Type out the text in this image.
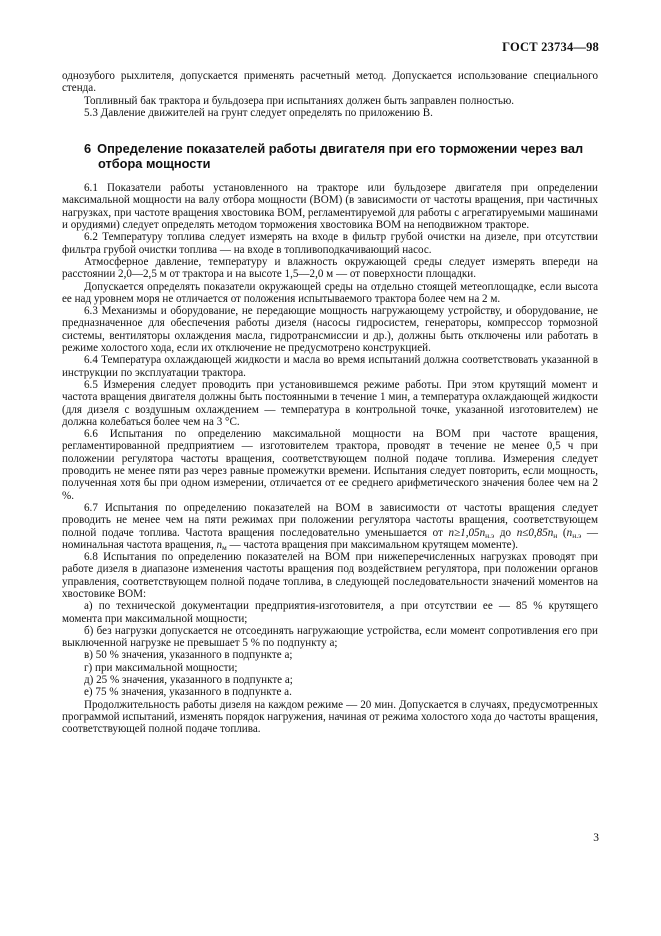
ГОСТ 23734—98

однозубого рыхлителя, допускается применять расчетный метод. Допускается использование специального стенда.

Топливный бак трактора и бульдозера при испытаниях должен быть заправлен полностью.

5.3 Давление движителей на грунт следует определять по приложению В.

6 Определение показателей работы двигателя при его торможении через вал отбора мощности

6.1 Показатели работы установленного на тракторе или бульдозере двигателя при определении максимальной мощности на валу отбора мощности (ВОМ) (в зависимости от частоты вращения, при частичных нагрузках, при частоте вращения хвостовика ВОМ, регламентируемой для работы с агрегатируемыми машинами и орудиями) следует определять методом торможения хвостовика ВОМ на неподвижном тракторе.

6.2 Температуру топлива следует измерять на входе в фильтр грубой очистки на дизеле, при отсутствии фильтра грубой очистки топлива — на входе в топливоподкачивающий насос.

Атмосферное давление, температуру и влажность окружающей среды следует измерять впереди на расстоянии 2,0—2,5 м от трактора и на высоте 1,5—2,0 м — от поверхности площадки.

Допускается определять показатели окружающей среды на отдельно стоящей метеоплощадке, если высота ее над уровнем моря не отличается от положения испытываемого трактора более чем на 2 м.

6.3 Механизмы и оборудование, не передающие мощность нагружающему устройству, и оборудование, не предназначенное для обеспечения работы дизеля (насосы гидросистем, генераторы, компрессор тормозной системы, вентиляторы охлаждения масла, гидротрансмиссии и др.), должны быть отключены или работать в режиме холостого хода, если их отключение не предусмотрено конструкцией.

6.4 Температура охлаждающей жидкости и масла во время испытаний должна соответствовать указанной в инструкции по эксплуатации трактора.

6.5 Измерения следует проводить при установившемся режиме работы. При этом крутящий момент и частота вращения двигателя должны быть постоянными в течение 1 мин, а температура охлаждающей жидкости (для дизеля с воздушным охлаждением — температура в контрольной точке, указанной изготовителем) не должна колебаться более чем на 3 °С.

6.6 Испытания по определению максимальной мощности на ВОМ при частоте вращения, регламентированной предприятием — изготовителем трактора, проводят в течение не менее 0,5 ч при положении регулятора частоты вращения, соответствующем полной подаче топлива. Измерения следует проводить не менее пяти раз через равные промежутки времени. Испытания следует повторить, если мощность, полученная хотя бы при одном измерении, отличается от ее среднего арифметического значения более чем на 2 %.

6.7 Испытания по определению показателей на ВОМ в зависимости от частоты вращения следует проводить не менее чем на пяти режимах при положении регулятора частоты вращения, соответствующем полной подаче топлива. Частота вращения последовательно уменьшается от $n\ge 1,05n_{н.э}$ до $n\le 0,85n_н$ ($n_{н.э}$ — номинальная частота вращения, $n_м$ — частота вращения при максимальном крутящем моменте).

6.8 Испытания по определению показателей на ВОМ при нижеперечисленных нагрузках проводят при работе дизеля в диапазоне изменения частоты вращения под воздействием регулятора, при положении органов управления, соответствующем полной подаче топлива, в следующей последовательности значений моментов на хвостовике ВОМ:

а) по технической документации предприятия-изготовителя, а при отсутствии ее — 85 % крутящего момента при максимальной мощности;

б) без нагрузки допускается не отсоединять нагружающие устройства, если момент сопротивления его при выключенной нагрузке не превышает 5 % по подпункту а;

в) 50 % значения, указанного в подпункте а;

г) при максимальной мощности;

д) 25 % значения, указанного в подпункте а;

е) 75 % значения, указанного в подпункте а.

Продолжительность работы дизеля на каждом режиме — 20 мин. Допускается в случаях, предусмотренных программой испытаний, изменять порядок нагружения, начиная от режима холостого хода до частоты вращения, соответствующей полной подаче топлива.

3
